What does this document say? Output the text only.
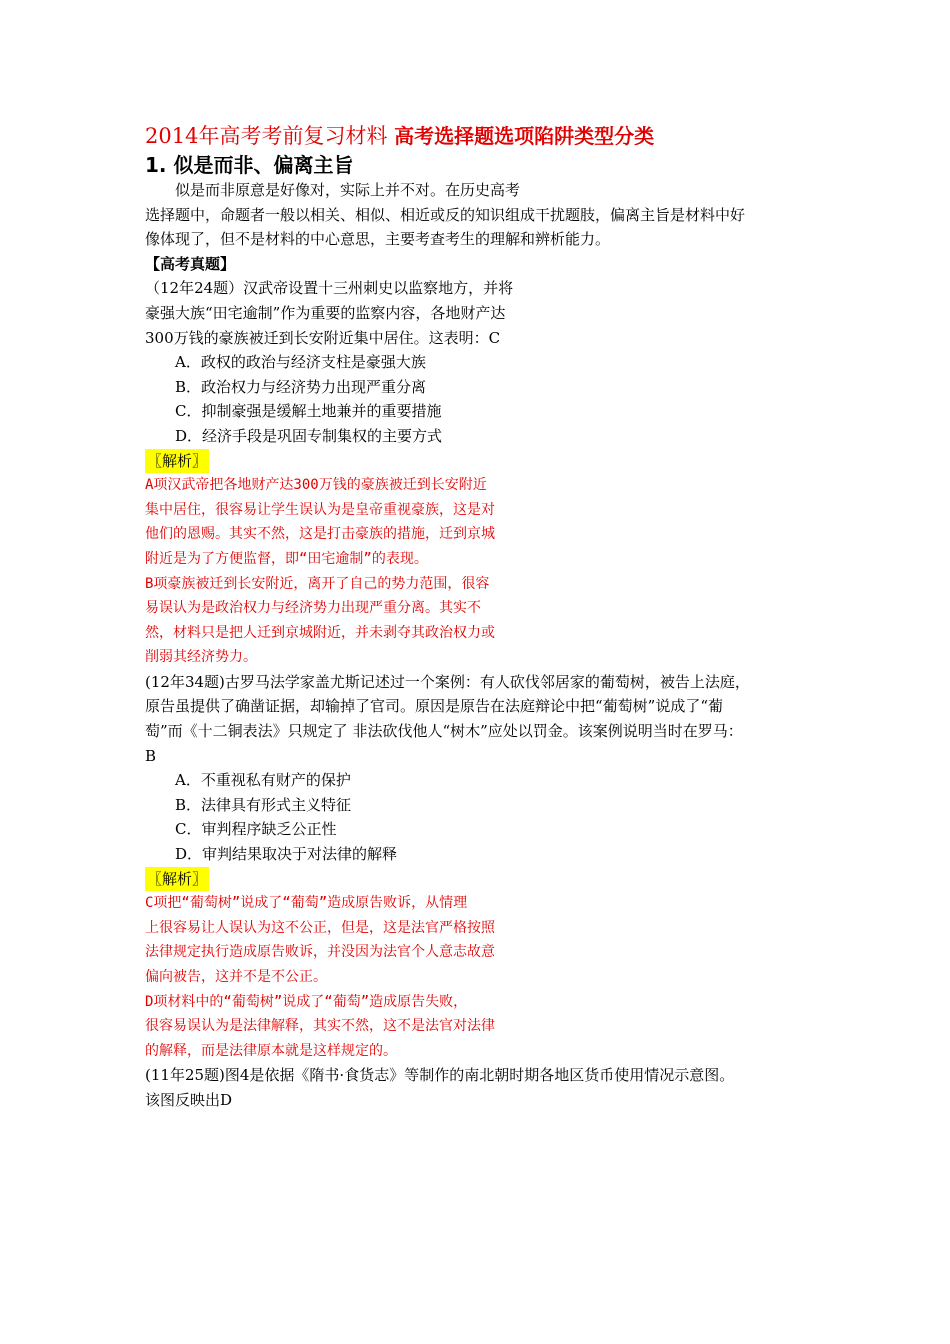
2014年高考考前复习材料 高考选择题选项陷阱类型分类
1. 似是而非、偏离主旨
似是而非原意是好像对，实际上并不对。在历史高考
选择题中，命题者一般以相关、相似、相近或反的知识组成干扰题肢，偏离主旨是材料中好
像体现了，但不是材料的中心意思，主要考查考生的理解和辨析能力。
【高考真题】
（12年24题）汉武帝设置十三州刺史以监察地方，并将
豪强大族“田宅逾制”作为重要的监察内容，各地财产达
300万钱的豪族被迁到长安附近集中居住。这表明：C
A．政权的政治与经济支柱是豪强大族
B．政治权力与经济势力出现严重分离
C．抑制豪强是缓解土地兼并的重要措施
D．经济手段是巩固专制集权的主要方式
〖解析〗
A项汉武帝把各地财产达300万钱的豪族被迁到长安附近
集中居住，很容易让学生误认为是皇帝重视豪族，这是对
他们的恩赐。其实不然，这是打击豪族的措施，迁到京城
附近是为了方便监督，即“田宅逾制”的表现。
B项豪族被迁到长安附近，离开了自己的势力范围，很容
易误认为是政治权力与经济势力出现严重分离。其实不
然，材料只是把人迁到京城附近，并未剥夺其政治权力或
削弱其经济势力。
(12年34题)古罗马法学家盖尤斯记述过一个案例：有人砍伐邻居家的葡萄树，被告上法庭，
原告虽提供了确凿证据，却输掉了官司。原因是原告在法庭辩论中把“葡萄树”说成了“葡
萄”而《十二铜表法》只规定了 非法砍伐他人“树木”应处以罚金。该案例说明当时在罗马：
B
A．不重视私有财产的保护
B．法律具有形式主义特征
C．审判程序缺乏公正性
D．审判结果取决于对法律的解释
〖解析〗
C项把“葡萄树”说成了“葡萄”造成原告败诉，从情理
上很容易让人误认为这不公正，但是，这是法官严格按照
法律规定执行造成原告败诉，并没因为法官个人意志故意
偏向被告，这并不是不公正。
D项材料中的“葡萄树”说成了“葡萄”造成原告失败，
很容易误认为是法律解释，其实不然，这不是法官对法律
的解释，而是法律原本就是这样规定的。
(11年25题)图4是依据《隋书·食货志》等制作的南北朝时期各地区货币使用情况示意图。
该图反映出D
